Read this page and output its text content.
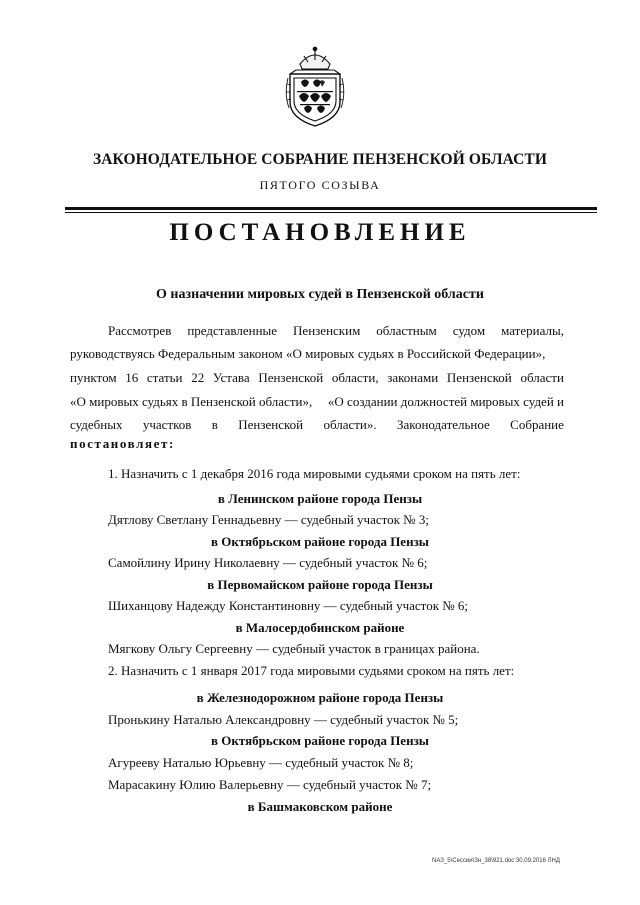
ЗАКОНОДАТЕЛЬНОЕ СОБРАНИЕ ПЕНЗЕНСКОЙ ОБЛАСТИ
ПЯТОГО СОЗЫВА
ПОСТАНОВЛЕНИЕ
О назначении мировых судей в Пензенской области
Рассмотрев представленные Пензенским областным судом материалы,
руководствуясь Федеральным законом «О мировых судьях в Российской Федерации»,
пунктом 16 статьи 22 Устава Пензенской области, законами Пензенской области
«О мировых судьях в Пензенской области», «О создании должностей мировых судей и
судебных участков в Пензенской области». Законодательное Собрание
постановляет:
1. Назначить с 1 декабря 2016 года мировыми судьями сроком на пять лет:
в Ленинском районе города Пензы
Дятлову Светлану Геннадьевну — судебный участок № 3;
в Октябрьском районе города Пензы
Самойлину Ирину Николаевну — судебный участок № 6;
в Первомайском районе города Пензы
Шиханцову Надежду Константиновну — судебный участок № 6;
в Малосердобинском районе
Мягкову Ольгу Сергеевну — судебный участок в границах района.
2. Назначить с 1 января 2017 года мировыми судьями сроком на пять лет:
в Железнодорожном районе города Пензы
Пронькину Наталью Александровну — судебный участок № 5;
в Октябрьском районе города Пензы
Агурееву Наталью Юрьевну — судебный участок № 8;
Марасакину Юлию Валерьевну — судебный участок № 7;
в Башмаковском районе
NАЗ_5\Сессии\Зн_38\921.doc 30.09.2016 ЛНД
